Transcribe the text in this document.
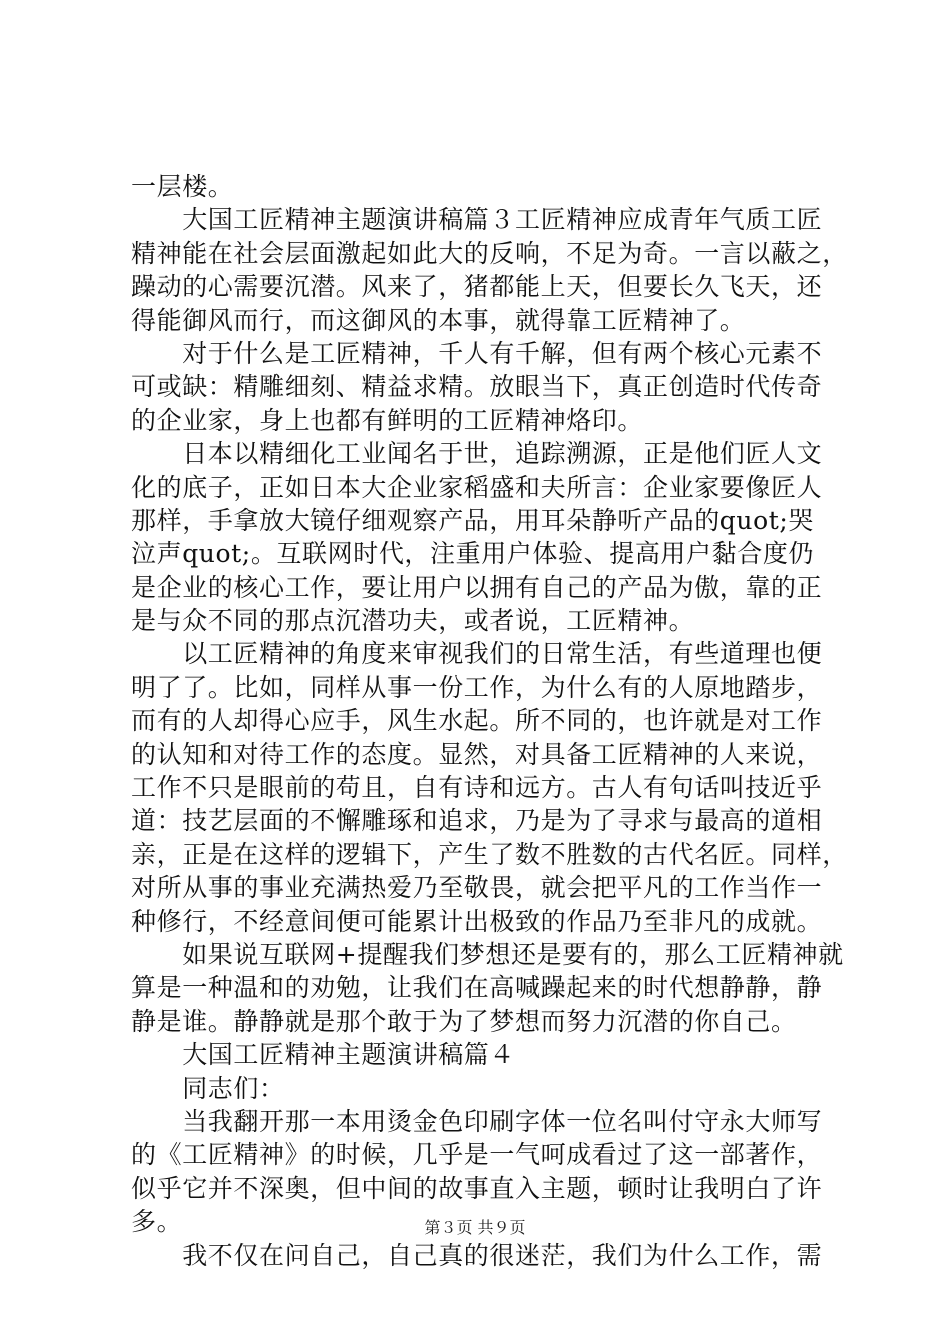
一层楼。
　　大国工匠精神主题演讲稿篇３工匠精神应成青年气质工匠
精神能在社会层面激起如此大的反响，不足为奇。一言以蔽之，
躁动的心需要沉潜。风来了，猪都能上天，但要长久飞天，还
得能御风而行，而这御风的本事，就得靠工匠精神了。
　　对于什么是工匠精神，千人有千解，但有两个核心元素不
可或缺：精雕细刻、精益求精。放眼当下，真正创造时代传奇
的企业家，身上也都有鲜明的工匠精神烙印。
　　日本以精细化工业闻名于世，追踪溯源，正是他们匠人文
化的底子，正如日本大企业家稻盛和夫所言：企业家要像匠人
那样，手拿放大镜仔细观察产品，用耳朵静听产品的quot;哭
泣声quot;。互联网时代，注重用户体验、提高用户黏合度仍
是企业的核心工作，要让用户以拥有自己的产品为傲，靠的正
是与众不同的那点沉潜功夫，或者说，工匠精神。
　　以工匠精神的角度来审视我们的日常生活，有些道理也便
明了了。比如，同样从事一份工作，为什么有的人原地踏步，
而有的人却得心应手，风生水起。所不同的，也许就是对工作
的认知和对待工作的态度。显然，对具备工匠精神的人来说，
工作不只是眼前的苟且，自有诗和远方。古人有句话叫技近乎
道：技艺层面的不懈雕琢和追求，乃是为了寻求与最高的道相
亲，正是在这样的逻辑下，产生了数不胜数的古代名匠。同样，
对所从事的事业充满热爱乃至敬畏，就会把平凡的工作当作一
种修行，不经意间便可能累计出极致的作品乃至非凡的成就。
　　如果说互联网+提醒我们梦想还是要有的，那么工匠精神就
算是一种温和的劝勉，让我们在高喊躁起来的时代想静静，静
静是谁。静静就是那个敢于为了梦想而努力沉潜的你自己。
　　大国工匠精神主题演讲稿篇４
　　同志们：
　　当我翻开那一本用烫金色印刷字体一位名叫付守永大师写
的《工匠精神》的时候，几乎是一气呵成看过了这一部著作，
似乎它并不深奥，但中间的故事直入主题，顿时让我明白了许
多。
　　我不仅在问自己，自己真的很迷茫，我们为什么工作，需
第３页 共９页
